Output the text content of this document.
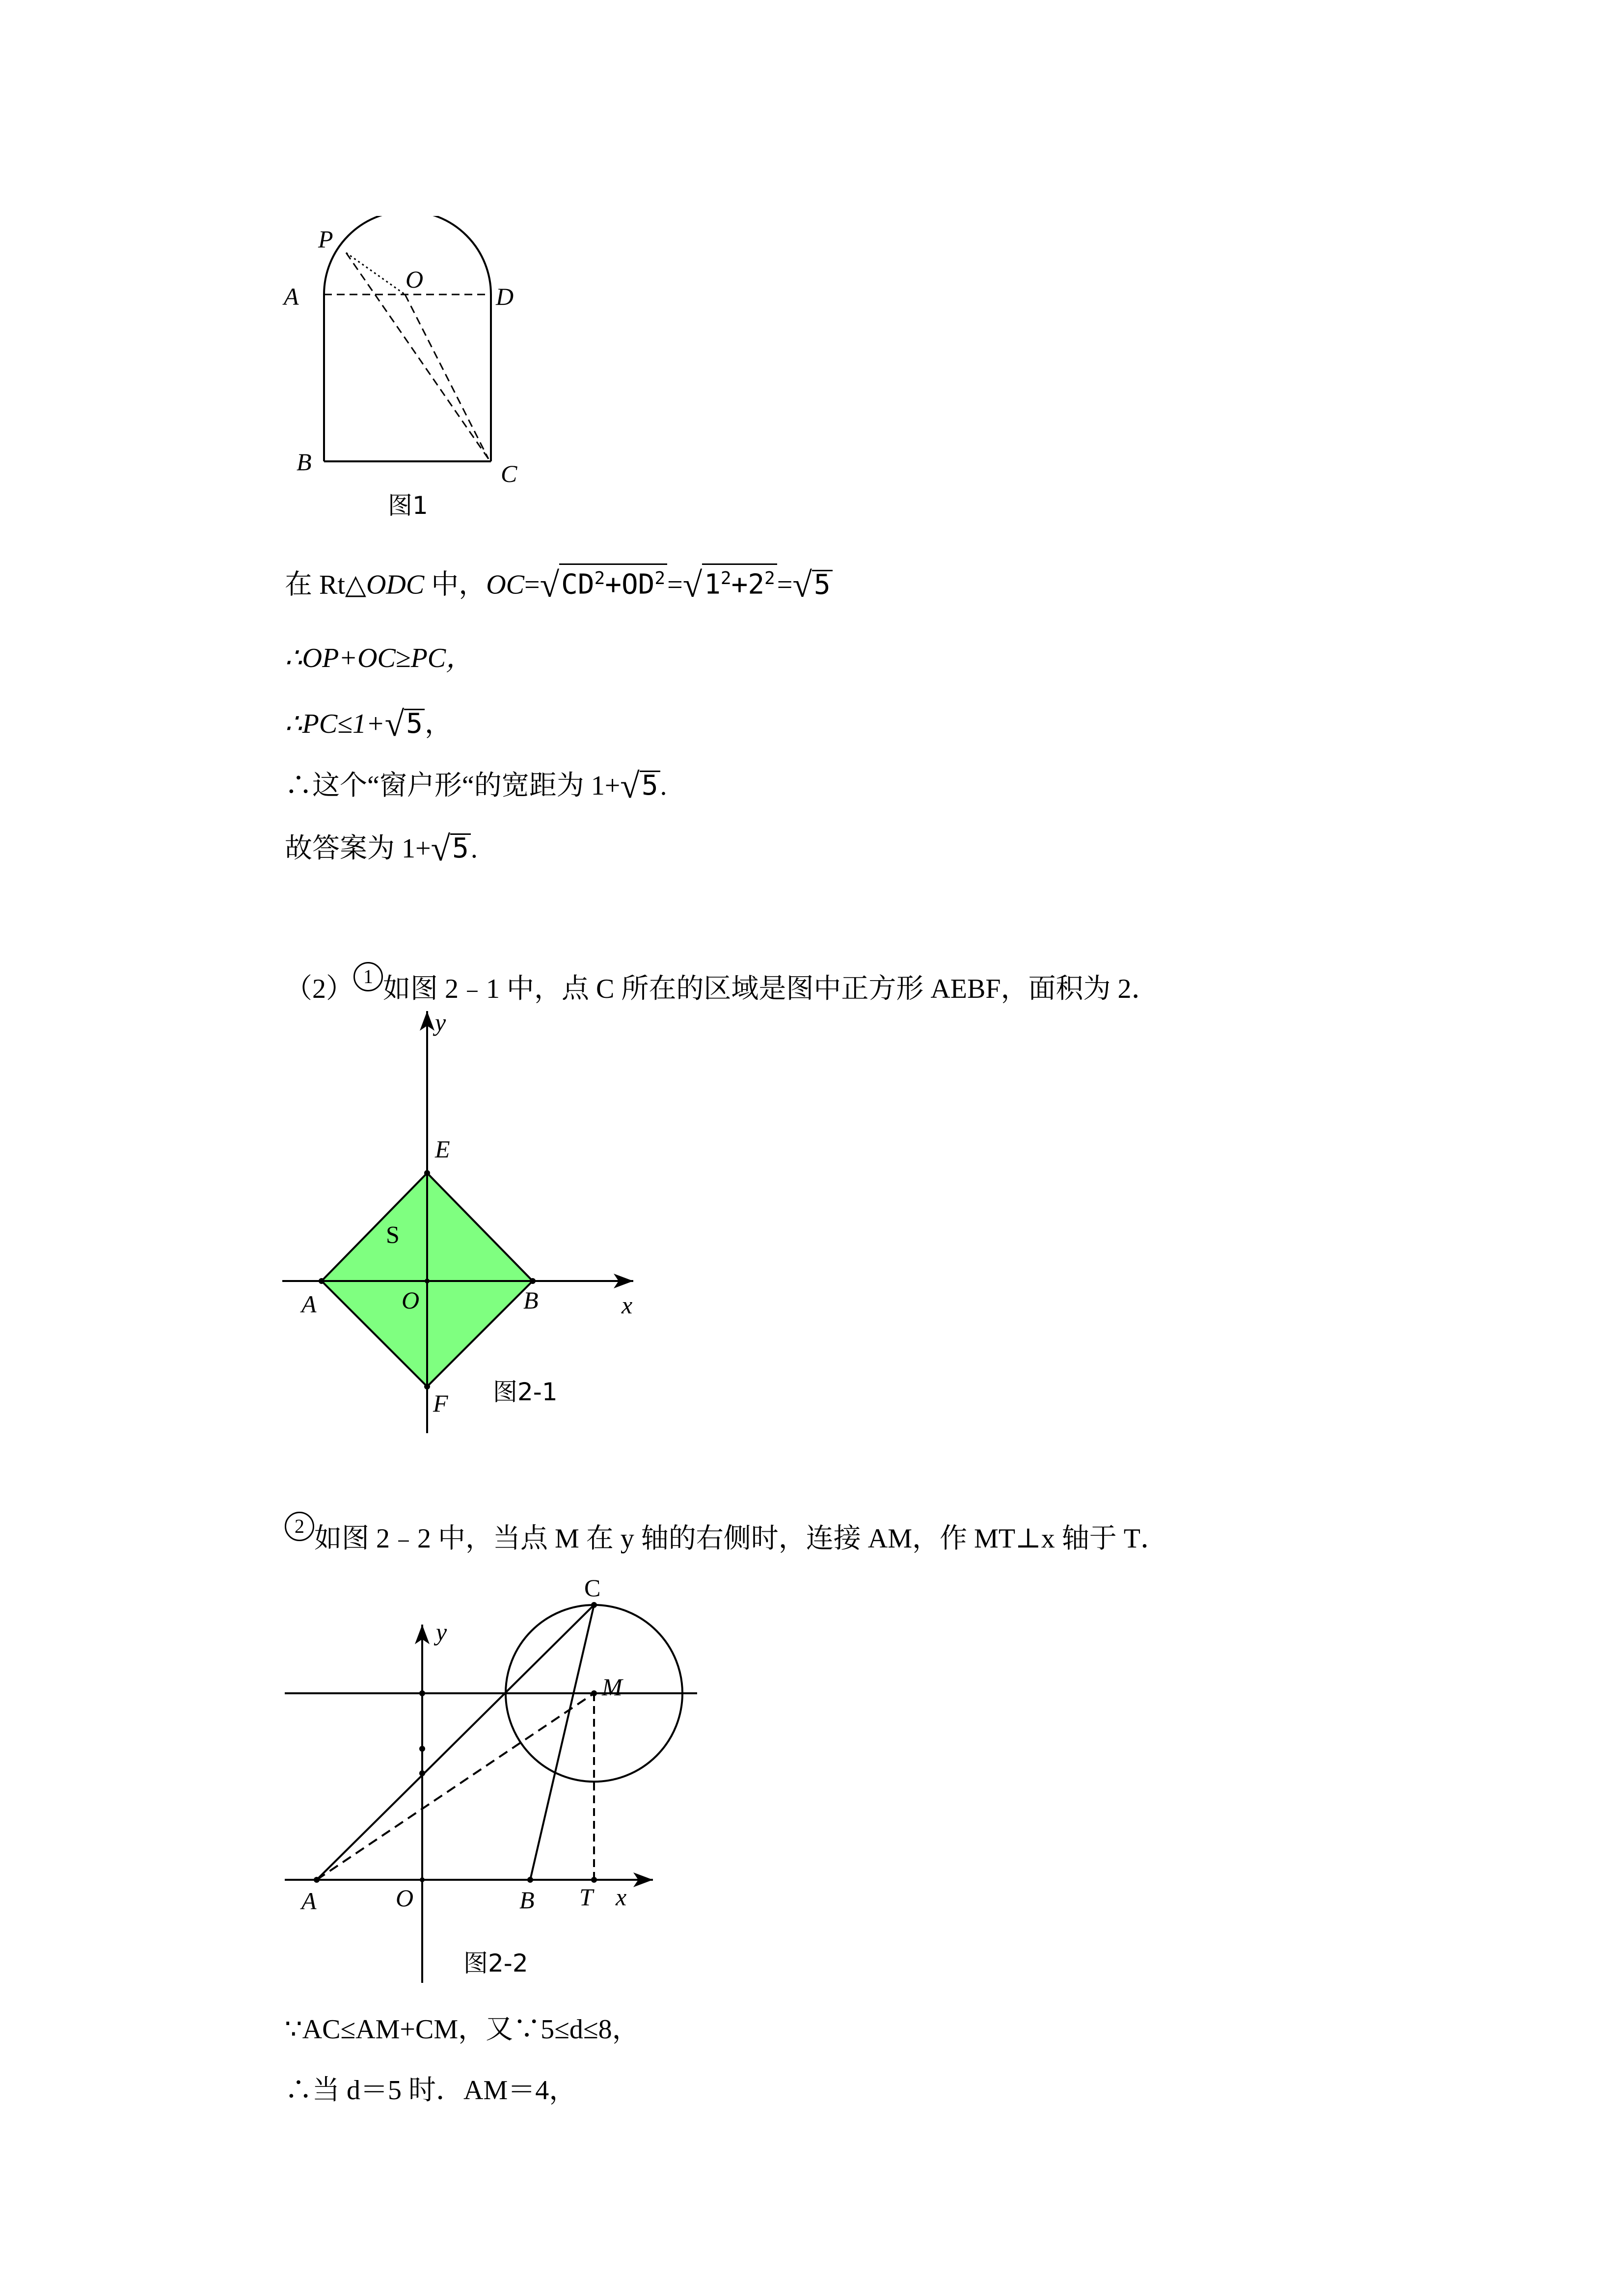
P
O
A	D
B	C
图1
在 Rt△ODC 中，$OC=√CD^2+OD^2=√1^2+2^2=√5$
∴OP+OC≥PC，
∴PC≤1+√5，
∴这个“窗户形“的宽距为 1+√5.
故答案为 1+√5.
（2） 1 如图 2﹣1 中，点 C 所在的区域是图中正方形 AEBF，面积为 2．
y
E
S
A	O	B	x
F 图2-1
2 如图 2﹣2 中，当点 M 在 y 轴的右侧时，连接 AM，作 MT⊥x 轴于 T．
C
y
M
A	O	B T x
图2-2
∵AC≤AM+CM，又∵5≤d≤8，
∴当 d＝5 时．AM＝4，
